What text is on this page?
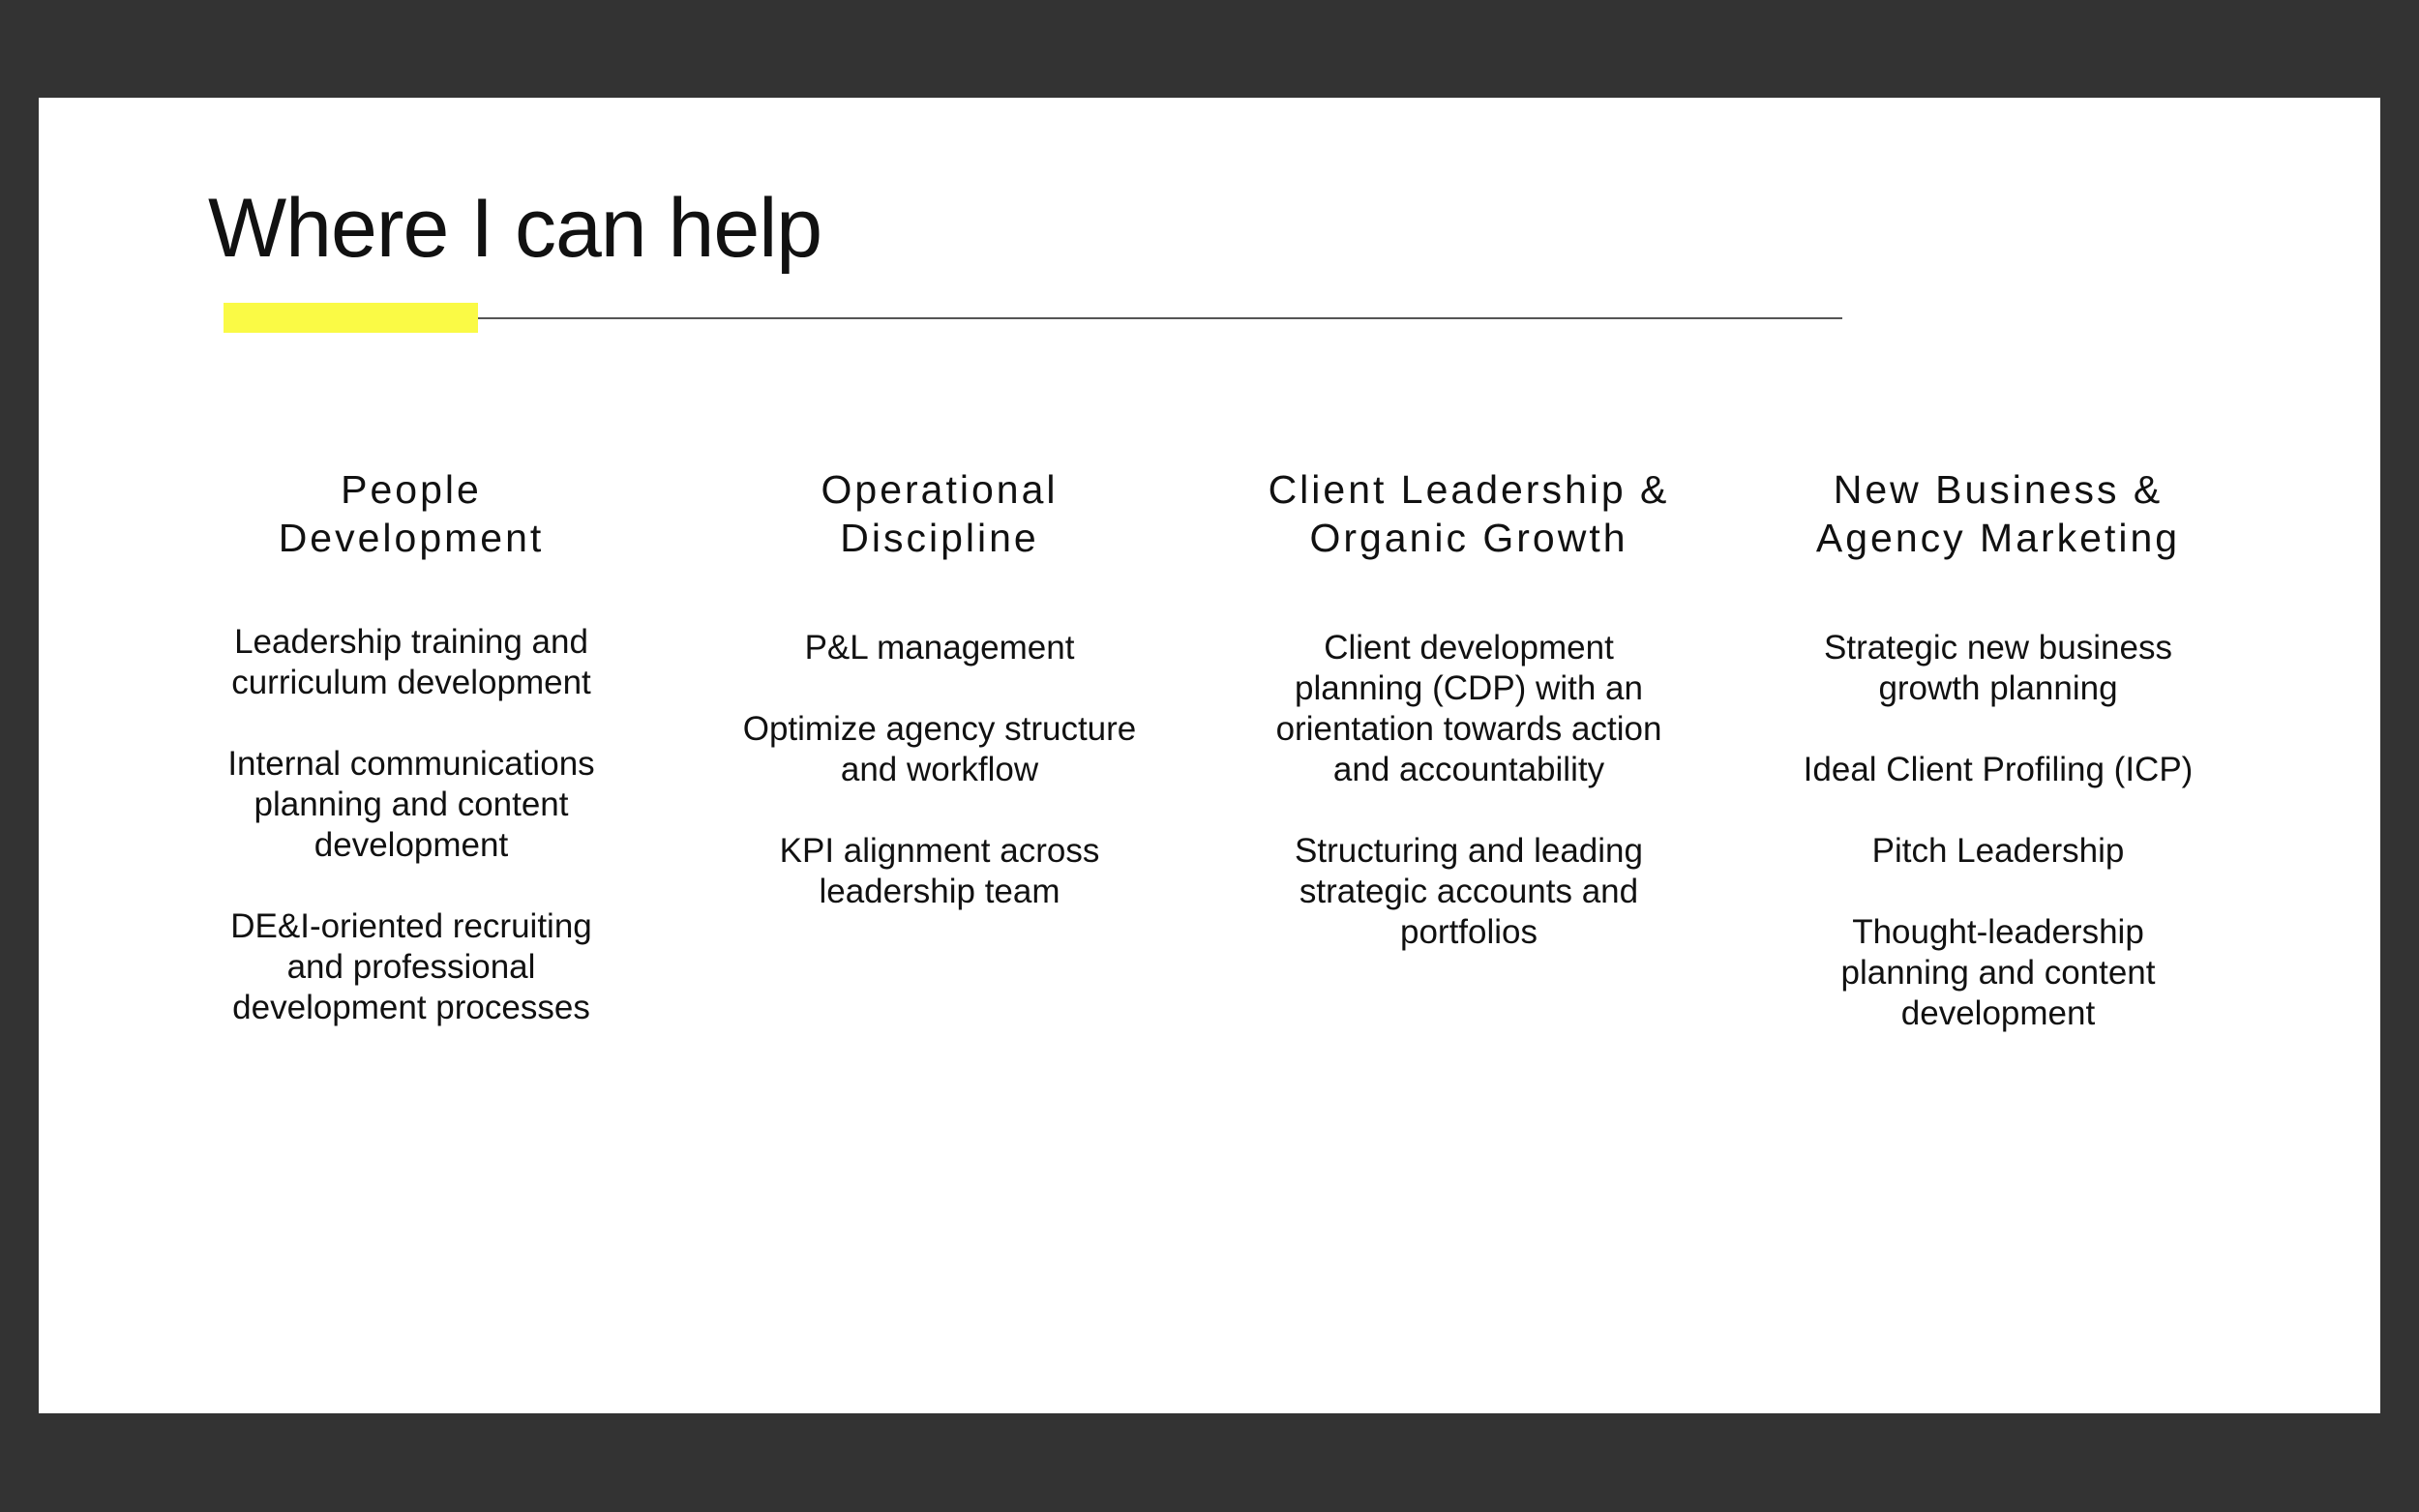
Where I can help
People
Development
Leadership training and
curriculum development
Internal communications
planning and content
development
DE&I-oriented recruiting
and professional
development processes
Operational
Discipline
P&L management
Optimize agency structure
and workflow
KPI alignment across
leadership team
Client Leadership &
Organic Growth
Client development
planning (CDP) with an
orientation towards action
and accountability
Structuring and leading
strategic accounts and
portfolios
New Business &
Agency Marketing
Strategic new business
growth planning
Ideal Client Profiling (ICP)
Pitch Leadership
Thought-leadership
planning and content
development
